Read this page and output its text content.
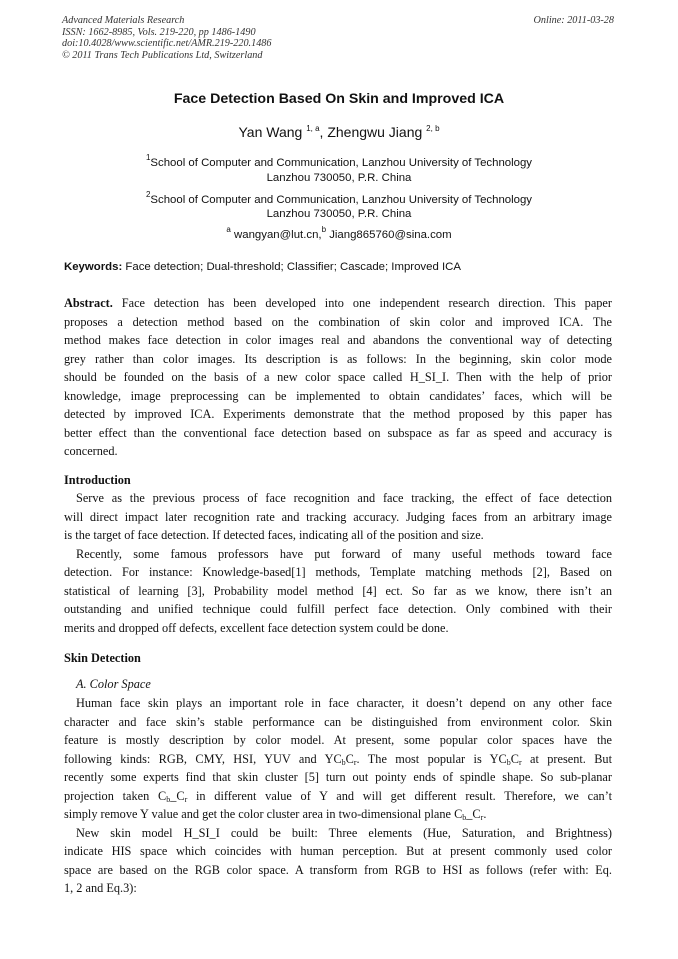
Advanced Materials Research
ISSN: 1662-8985, Vols. 219-220, pp 1486-1490
doi:10.4028/www.scientific.net/AMR.219-220.1486
© 2011 Trans Tech Publications Ltd, Switzerland
Online: 2011-03-28
Face Detection Based On Skin and Improved ICA
Yan Wang $^{1, a}$, Zhengwu Jiang $^{2, b}$
$^1$School of Computer and Communication, Lanzhou University of Technology
Lanzhou 730050, P.R. China
$^2$School of Computer and Communication, Lanzhou University of Technology
Lanzhou 730050, P.R. China
$^a$ wangyan@lut.cn,$^b$ Jiang865760@sina.com
Keywords: Face detection; Dual-threshold; Classifier; Cascade; Improved ICA
Abstract. Face detection has been developed into one independent research direction. This paper
proposes a detection method based on the combination of skin color and improved ICA. The
method makes face detection in color images real and abandons the conventional way of detecting
grey rather than color images. Its description is as follows: In the beginning, skin color mode
should be founded on the basis of a new color space called H_SI_I. Then with the help of prior
knowledge, image preprocessing can be implemented to obtain candidates’ faces, which will be
detected by improved ICA. Experiments demonstrate that the method proposed by this paper has
better effect than the conventional face detection based on subspace as far as speed and accuracy is
concerned.
Introduction
Serve as the previous process of face recognition and face tracking, the effect of face detection
will direct impact later recognition rate and tracking accuracy. Judging faces from an arbitrary image
is the target of face detection. If detected faces, indicating all of the position and size.
Recently, some famous professors have put forward of many useful methods toward face
detection. For instance: Knowledge-based[1] methods, Template matching methods [2], Based on
statistical of learning [3], Probability model method [4] ect. So far as we know, there isn’t an
outstanding and unified technique could fulfill perfect face detection. Only combined with their
merits and dropped off defects, excellent face detection system could be done.
Skin Detection
A. Color Space
Human face skin plays an important role in face character, it doesn’t depend on any other face
character and face skin’s stable performance can be distinguished from environment color. Skin
feature is mostly description by color model. At present, some popular color spaces have the
following kinds: RGB, CMY, HSI, YUV and $YC_bC_r$. The most popular is $YC_bC_r$ at present. But
recently some experts find that skin cluster [5] turn out pointy ends of spindle shape. So sub-planar
projection taken $C_b\_C_r$ in different value of Y and will get different result. Therefore, we can’t
simply remove Y value and get the color cluster area in two-dimensional plane $C_b\_C_r$.
New skin model H_SI_I could be built: Three elements (Hue, Saturation, and Brightness)
indicate HIS space which coincides with human perception. But at present commonly used color
space are based on the RGB color space. A transform from RGB to HSI as follows (refer with: Eq.
1, 2 and Eq.3):
